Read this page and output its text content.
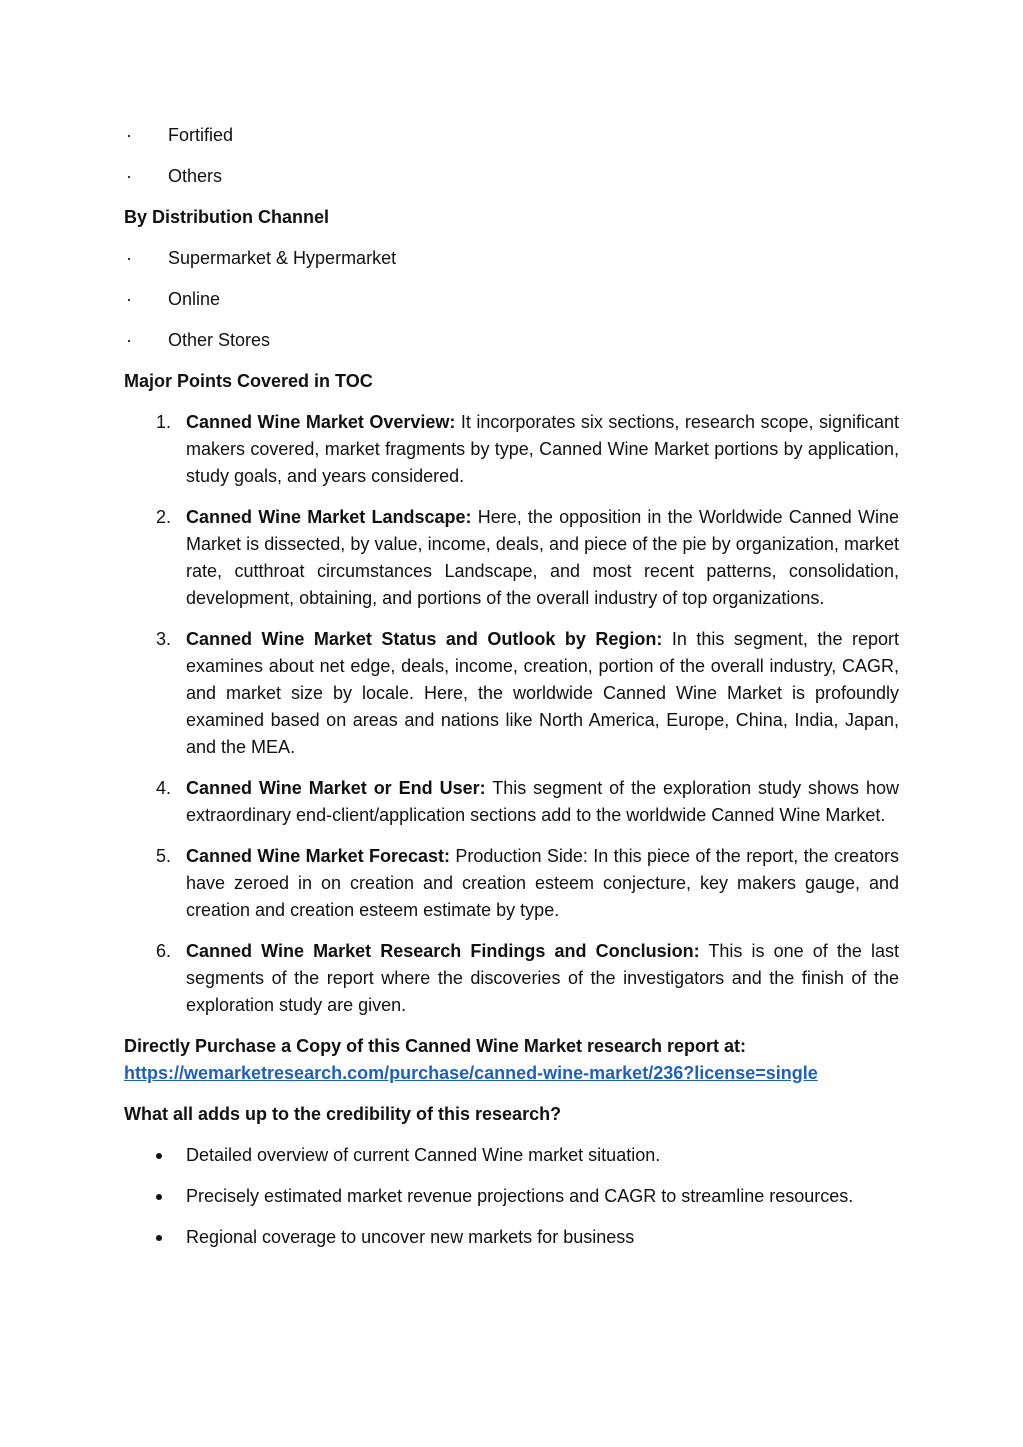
·	Fortified
·	Others
By Distribution Channel
·	Supermarket & Hypermarket
·	Online
·	Other Stores
Major Points Covered in TOC
1. Canned Wine Market Overview: It incorporates six sections, research scope, significant makers covered, market fragments by type, Canned Wine Market portions by application, study goals, and years considered.
2. Canned Wine Market Landscape: Here, the opposition in the Worldwide Canned Wine Market is dissected, by value, income, deals, and piece of the pie by organization, market rate, cutthroat circumstances Landscape, and most recent patterns, consolidation, development, obtaining, and portions of the overall industry of top organizations.
3. Canned Wine Market Status and Outlook by Region: In this segment, the report examines about net edge, deals, income, creation, portion of the overall industry, CAGR, and market size by locale. Here, the worldwide Canned Wine Market is profoundly examined based on areas and nations like North America, Europe, China, India, Japan, and the MEA.
4. Canned Wine Market or End User: This segment of the exploration study shows how extraordinary end-client/application sections add to the worldwide Canned Wine Market.
5. Canned Wine Market Forecast: Production Side: In this piece of the report, the creators have zeroed in on creation and creation esteem conjecture, key makers gauge, and creation and creation esteem estimate by type.
6. Canned Wine Market Research Findings and Conclusion: This is one of the last segments of the report where the discoveries of the investigators and the finish of the exploration study are given.
Directly Purchase a Copy of this Canned Wine Market research report at:
https://wemarketresearch.com/purchase/canned-wine-market/236?license=single
What all adds up to the credibility of this research?
Detailed overview of current Canned Wine market situation.
Precisely estimated market revenue projections and CAGR to streamline resources.
Regional coverage to uncover new markets for business
